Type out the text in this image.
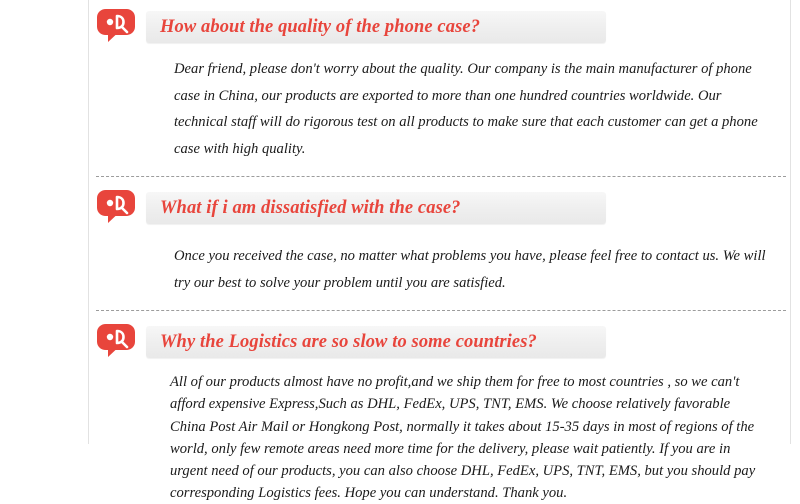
How about the quality of the phone case?
Dear friend, please don't worry about the quality. Our company is the main manufacturer of phone case in China, our products are exported to more than one hundred countries worldwide. Our technical staff will do rigorous test on all products to make sure that each customer can get a phone case with high quality.
What if i am dissatisfied with the case?
Once you received the case, no matter what problems you have, please feel free to contact us. We will try our best to solve your problem until you are satisfied.
Why the Logistics are so slow to some countries?
All of our products almost have no profit,and we ship them for free to most countries , so we can't afford expensive Express,Such as DHL, FedEx, UPS, TNT, EMS. We choose relatively favorable China Post Air Mail or Hongkong Post, normally it takes about 15-35 days in most of regions of the world, only few remote areas need more time for the delivery, please wait patiently. If you are in urgent need of our products, you can also choose DHL, FedEx, UPS, TNT, EMS, but you should pay corresponding Logistics fees. Hope you can understand. Thank you.
